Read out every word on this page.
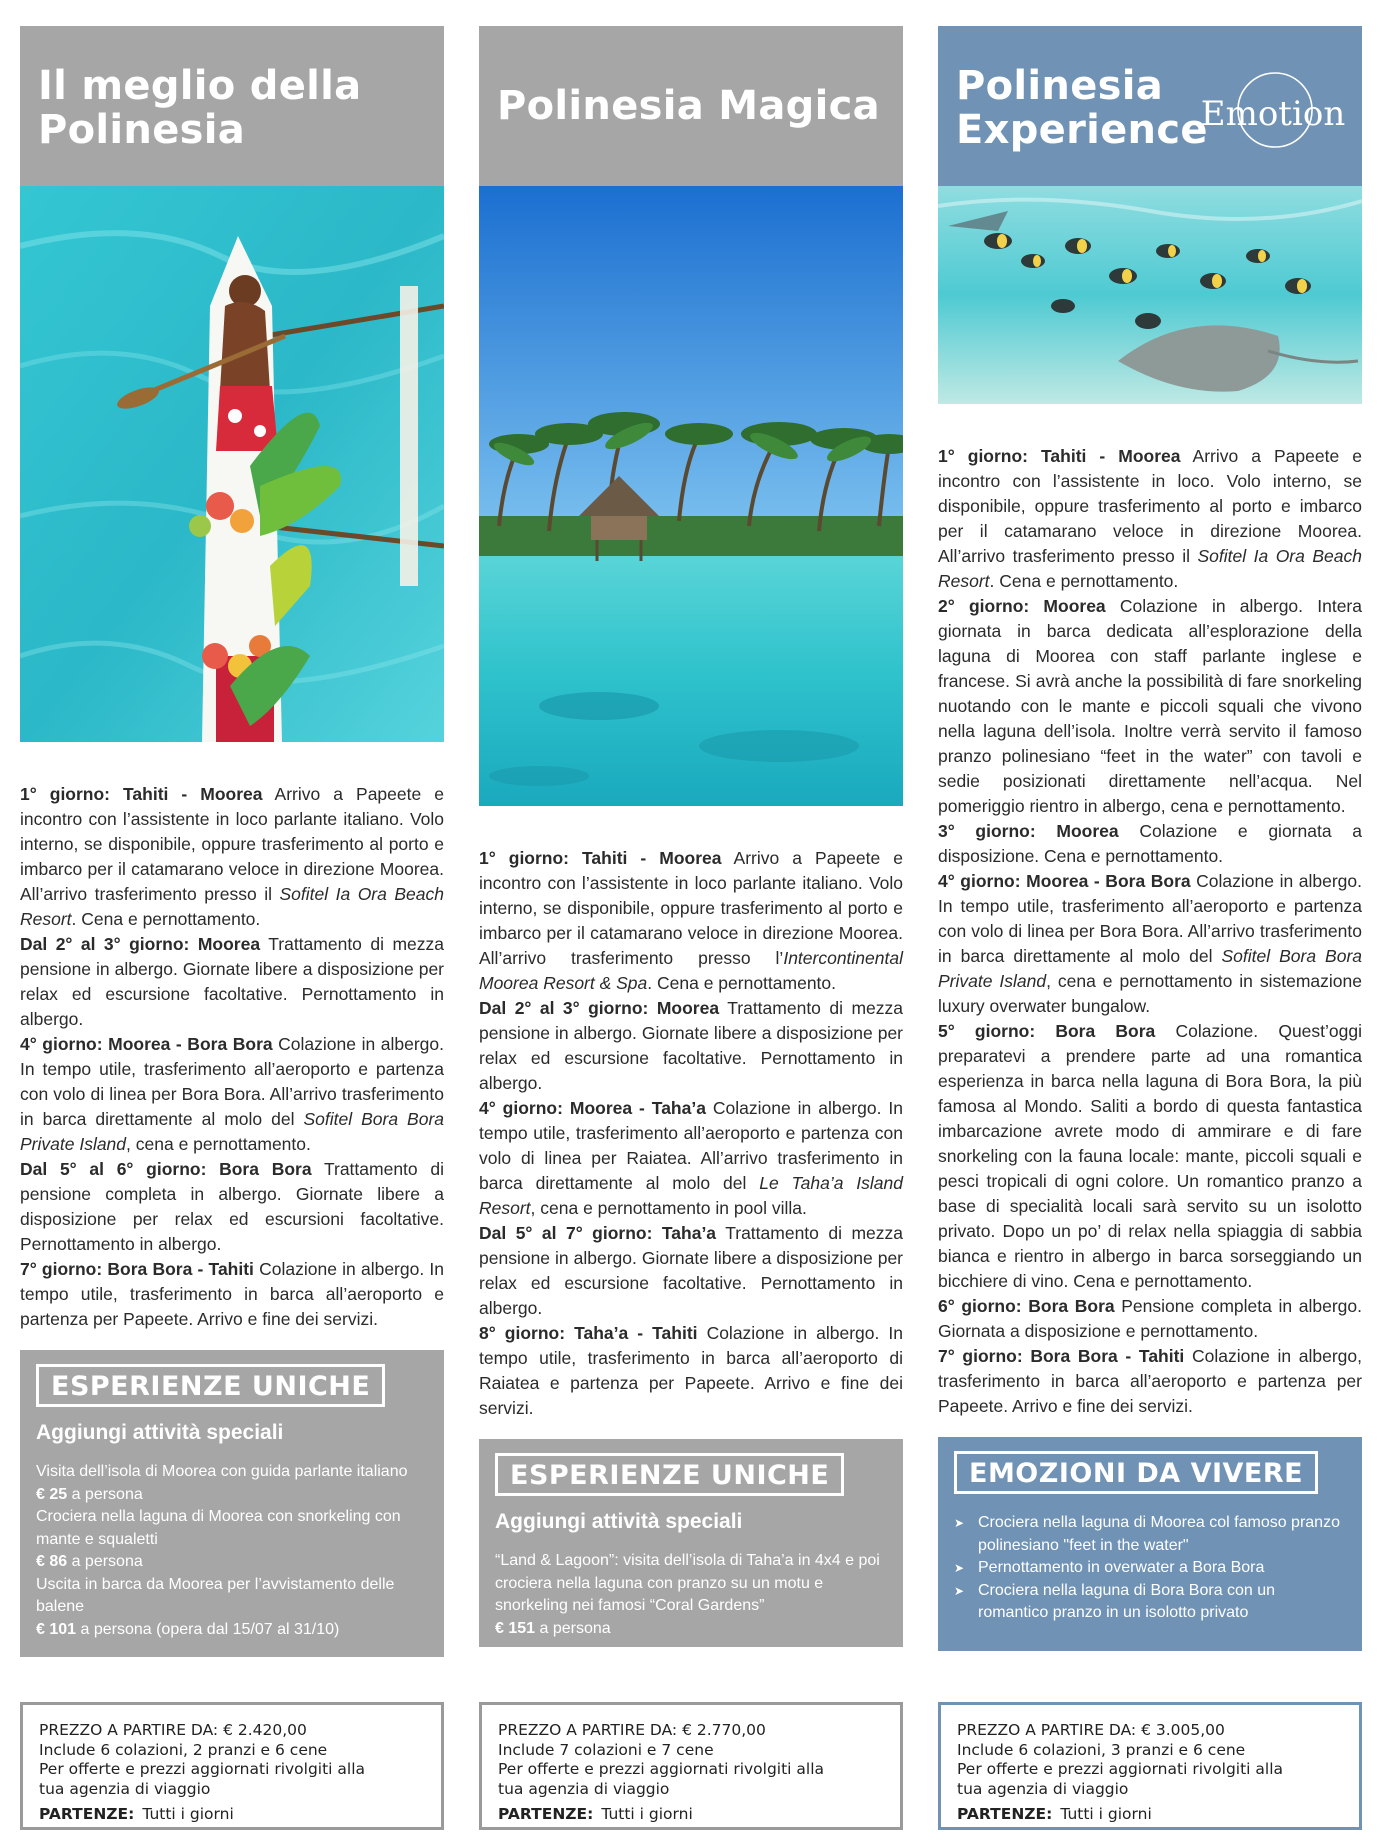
Il meglio della
Polinesia

1° giorno: Tahiti - Moorea Arrivo a Papeete e incontro con l’assistente in loco parlante italiano. Volo interno, se disponibile, oppure trasferimento al porto e imbarco per il catamarano veloce in direzione Moorea. All’arrivo trasferimento presso il Sofitel Ia Ora Beach Resort. Cena e pernottamento.

Dal 2° al 3° giorno: Moorea Trattamento di mezza pensione in albergo. Giornate libere a disposizione per relax ed escursione facoltative. Pernottamento in albergo.

4° giorno: Moorea - Bora Bora Colazione in albergo. In tempo utile, trasferimento all’aeroporto e partenza con volo di linea per Bora Bora. All’arrivo trasferimento in barca direttamente al molo del Sofitel Bora Bora Private Island, cena e pernottamento.

Dal 5° al 6° giorno: Bora Bora Trattamento di pensione completa in albergo. Giornate libere a disposizione per relax ed escursioni facoltative. Pernottamento in albergo.

7° giorno: Bora Bora - Tahiti Colazione in albergo. In tempo utile, trasferimento in barca all’aeroporto e partenza per Papeete. Arrivo e fine dei servizi.

ESPERIENZE UNICHE
Aggiungi attività speciali
Visita dell’isola di Moorea con guida parlante italiano
€ 25 a persona
Crociera nella laguna di Moorea con snorkeling con mante e squaletti
€ 86 a persona
Uscita in barca da Moorea per l’avvistamento delle balene
€ 101 a persona (opera dal 15/07 al 31/10)
Polinesia Magica

1° giorno: Tahiti - Moorea Arrivo a Papeete e incontro con l’assistente in loco parlante italiano. Volo interno, se disponibile, oppure trasferimento al porto e imbarco per il catamarano veloce in direzione Moorea. All’arrivo trasferimento presso l’Intercontinental Moorea Resort & Spa. Cena e pernottamento.

Dal 2° al 3° giorno: Moorea Trattamento di mezza pensione in albergo. Giornate libere a disposizione per relax ed escursione facoltative. Pernottamento in albergo.

4° giorno: Moorea - Taha’a Colazione in albergo. In tempo utile, trasferimento all’aeroporto e partenza con volo di linea per Raiatea. All’arrivo trasferimento in barca direttamente al molo del Le Taha’a Island Resort, cena e pernottamento in pool villa.

Dal 5° al 7° giorno: Taha’a Trattamento di mezza pensione in albergo. Giornate libere a disposizione per relax ed escursione facoltative. Pernottamento in albergo.

8° giorno: Taha’a - Tahiti Colazione in albergo. In tempo utile, trasferimento in barca all’aeroporto di Raiatea e partenza per Papeete. Arrivo e fine dei servizi.

ESPERIENZE UNICHE
Aggiungi attività speciali
“Land & Lagoon”: visita dell’isola di Taha’a in 4x4 e poi crociera nella laguna con pranzo su un motu e snorkeling nei famosi “Coral Gardens”
€ 151 a persona
Polinesia
Experience
Emotion

1° giorno: Tahiti - Moorea Arrivo a Papeete e incontro con l’assistente in loco. Volo interno, se disponibile, oppure trasferimento al porto e imbarco per il catamarano veloce in direzione Moorea. All’arrivo trasferimento presso il Sofitel Ia Ora Beach Resort. Cena e pernottamento.

2° giorno: Moorea Colazione in albergo. Intera giornata in barca dedicata all’esplorazione della laguna di Moorea con staff parlante inglese e francese. Si avrà anche la possibilità di fare snorkeling nuotando con le mante e piccoli squali che vivono nella laguna dell’isola. Inoltre verrà servito il famoso pranzo polinesiano “feet in the water” con tavoli e sedie posizionati direttamente nell’acqua. Nel pomeriggio rientro in albergo, cena e pernottamento.

3° giorno: Moorea Colazione e giornata a disposizione. Cena e pernottamento.

4° giorno: Moorea - Bora Bora Colazione in albergo. In tempo utile, trasferimento all’aeroporto e partenza con volo di linea per Bora Bora. All’arrivo trasferimento in barca direttamente al molo del Sofitel Bora Bora Private Island, cena e pernottamento in sistemazione luxury overwater bungalow.

5° giorno: Bora Bora Colazione. Quest’oggi preparatevi a prendere parte ad una romantica esperienza in barca nella laguna di Bora Bora, la più famosa al Mondo. Saliti a bordo di questa fantastica imbarcazione avrete modo di ammirare e di fare snorkeling con la fauna locale: mante, piccoli squali e pesci tropicali di ogni colore. Un romantico pranzo a base di specialità locali sarà servito su un isolotto privato. Dopo un po’ di relax nella spiaggia di sabbia bianca e rientro in albergo in barca sorseggiando un bicchiere di vino. Cena e pernottamento.

6° giorno: Bora Bora Pensione completa in albergo. Giornata a disposizione e pernottamento.

7° giorno: Bora Bora - Tahiti Colazione in albergo, trasferimento in barca all’aeroporto e partenza per Papeete. Arrivo e fine dei servizi.

EMOZIONI DA VIVERE
➤ Crociera nella laguna di Moorea col famoso pranzo polinesiano "feet in the water"
➤ Pernottamento in overwater a Bora Bora
➤ Crociera nella laguna di Bora Bora con un romantico pranzo in un isolotto privato
PREZZO A PARTIRE DA: € 2.420,00
Include 6 colazioni, 2 pranzi e 6 cene
Per offerte e prezzi aggiornati rivolgiti alla tua agenzia di viaggio
PARTENZE: Tutti i giorni
PREZZO A PARTIRE DA: € 2.770,00
Include 7 colazioni e 7 cene
Per offerte e prezzi aggiornati rivolgiti alla tua agenzia di viaggio
PARTENZE: Tutti i giorni
PREZZO A PARTIRE DA: € 3.005,00
Include 6 colazioni, 3 pranzi e 6 cene
Per offerte e prezzi aggiornati rivolgiti alla tua agenzia di viaggio
PARTENZE: Tutti i giorni
